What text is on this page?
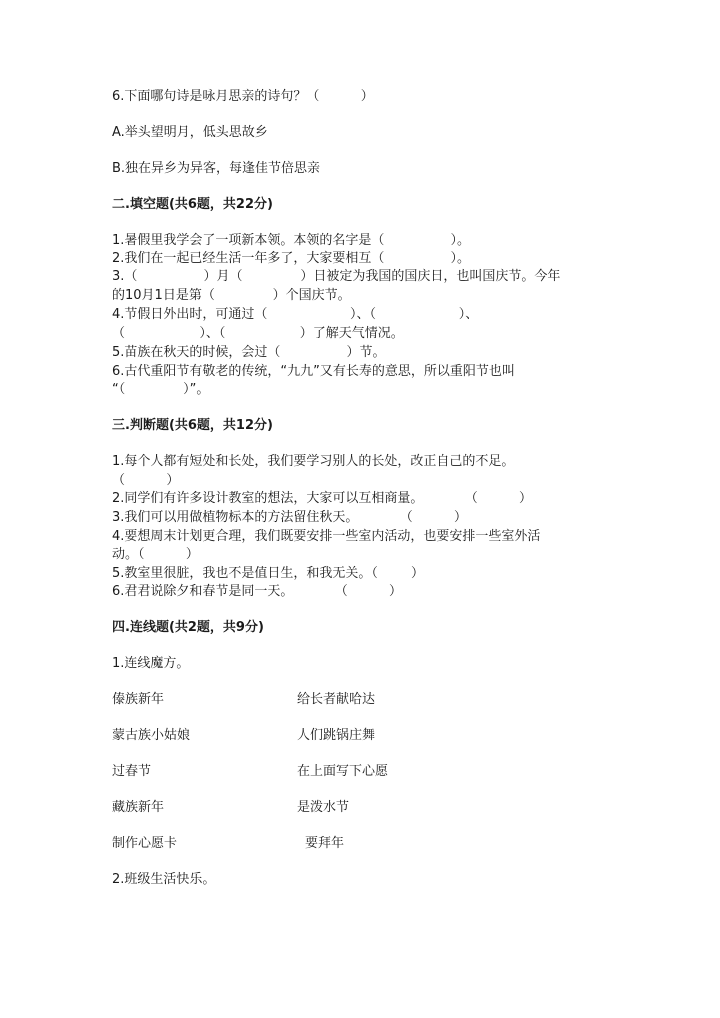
6.下面哪句诗是咏月思亲的诗句？（          ）
A.举头望明月，低头思故乡
B.独在异乡为异客，每逢佳节倍思亲
二.填空题(共6题，共22分)
1.暑假里我学会了一项新本领。本领的名字是（                ）。
2.我们在一起已经生活一年多了，大家要相互（                ）。
3.（                ）月（              ）日被定为我国的国庆日，也叫国庆节。今年
的10月1日是第（              ）个国庆节。
4.节假日外出时，可通过（                    ）、（                    ）、
（                  ）、（                  ）了解天气情况。
5.苗族在秋天的时候，会过（                ）节。
6.古代重阳节有敬老的传统，“九九”又有长寿的意思，所以重阳节也叫
“（              ）”。
三.判断题(共6题，共12分)
1.每个人都有短处和长处，我们要学习别人的长处，改正自己的不足。
（          ）
2.同学们有许多设计教室的想法，大家可以互相商量。          （          ）
3.我们可以用做植物标本的方法留住秋天。          （          ）
4.要想周末计划更合理，我们既要安排一些室内活动，也要安排一些室外活
动。（          ）
5.教室里很脏，我也不是值日生，和我无关。（        ）
6.君君说除夕和春节是同一天。          （          ）
四.连线题(共2题，共9分)
1.连线魔方。
傣族新年	给长者献哈达
蒙古族小姑娘	人们跳锅庄舞
过春节	在上面写下心愿
藏族新年	是泼水节
制作心愿卡	要拜年
2.班级生活快乐。
